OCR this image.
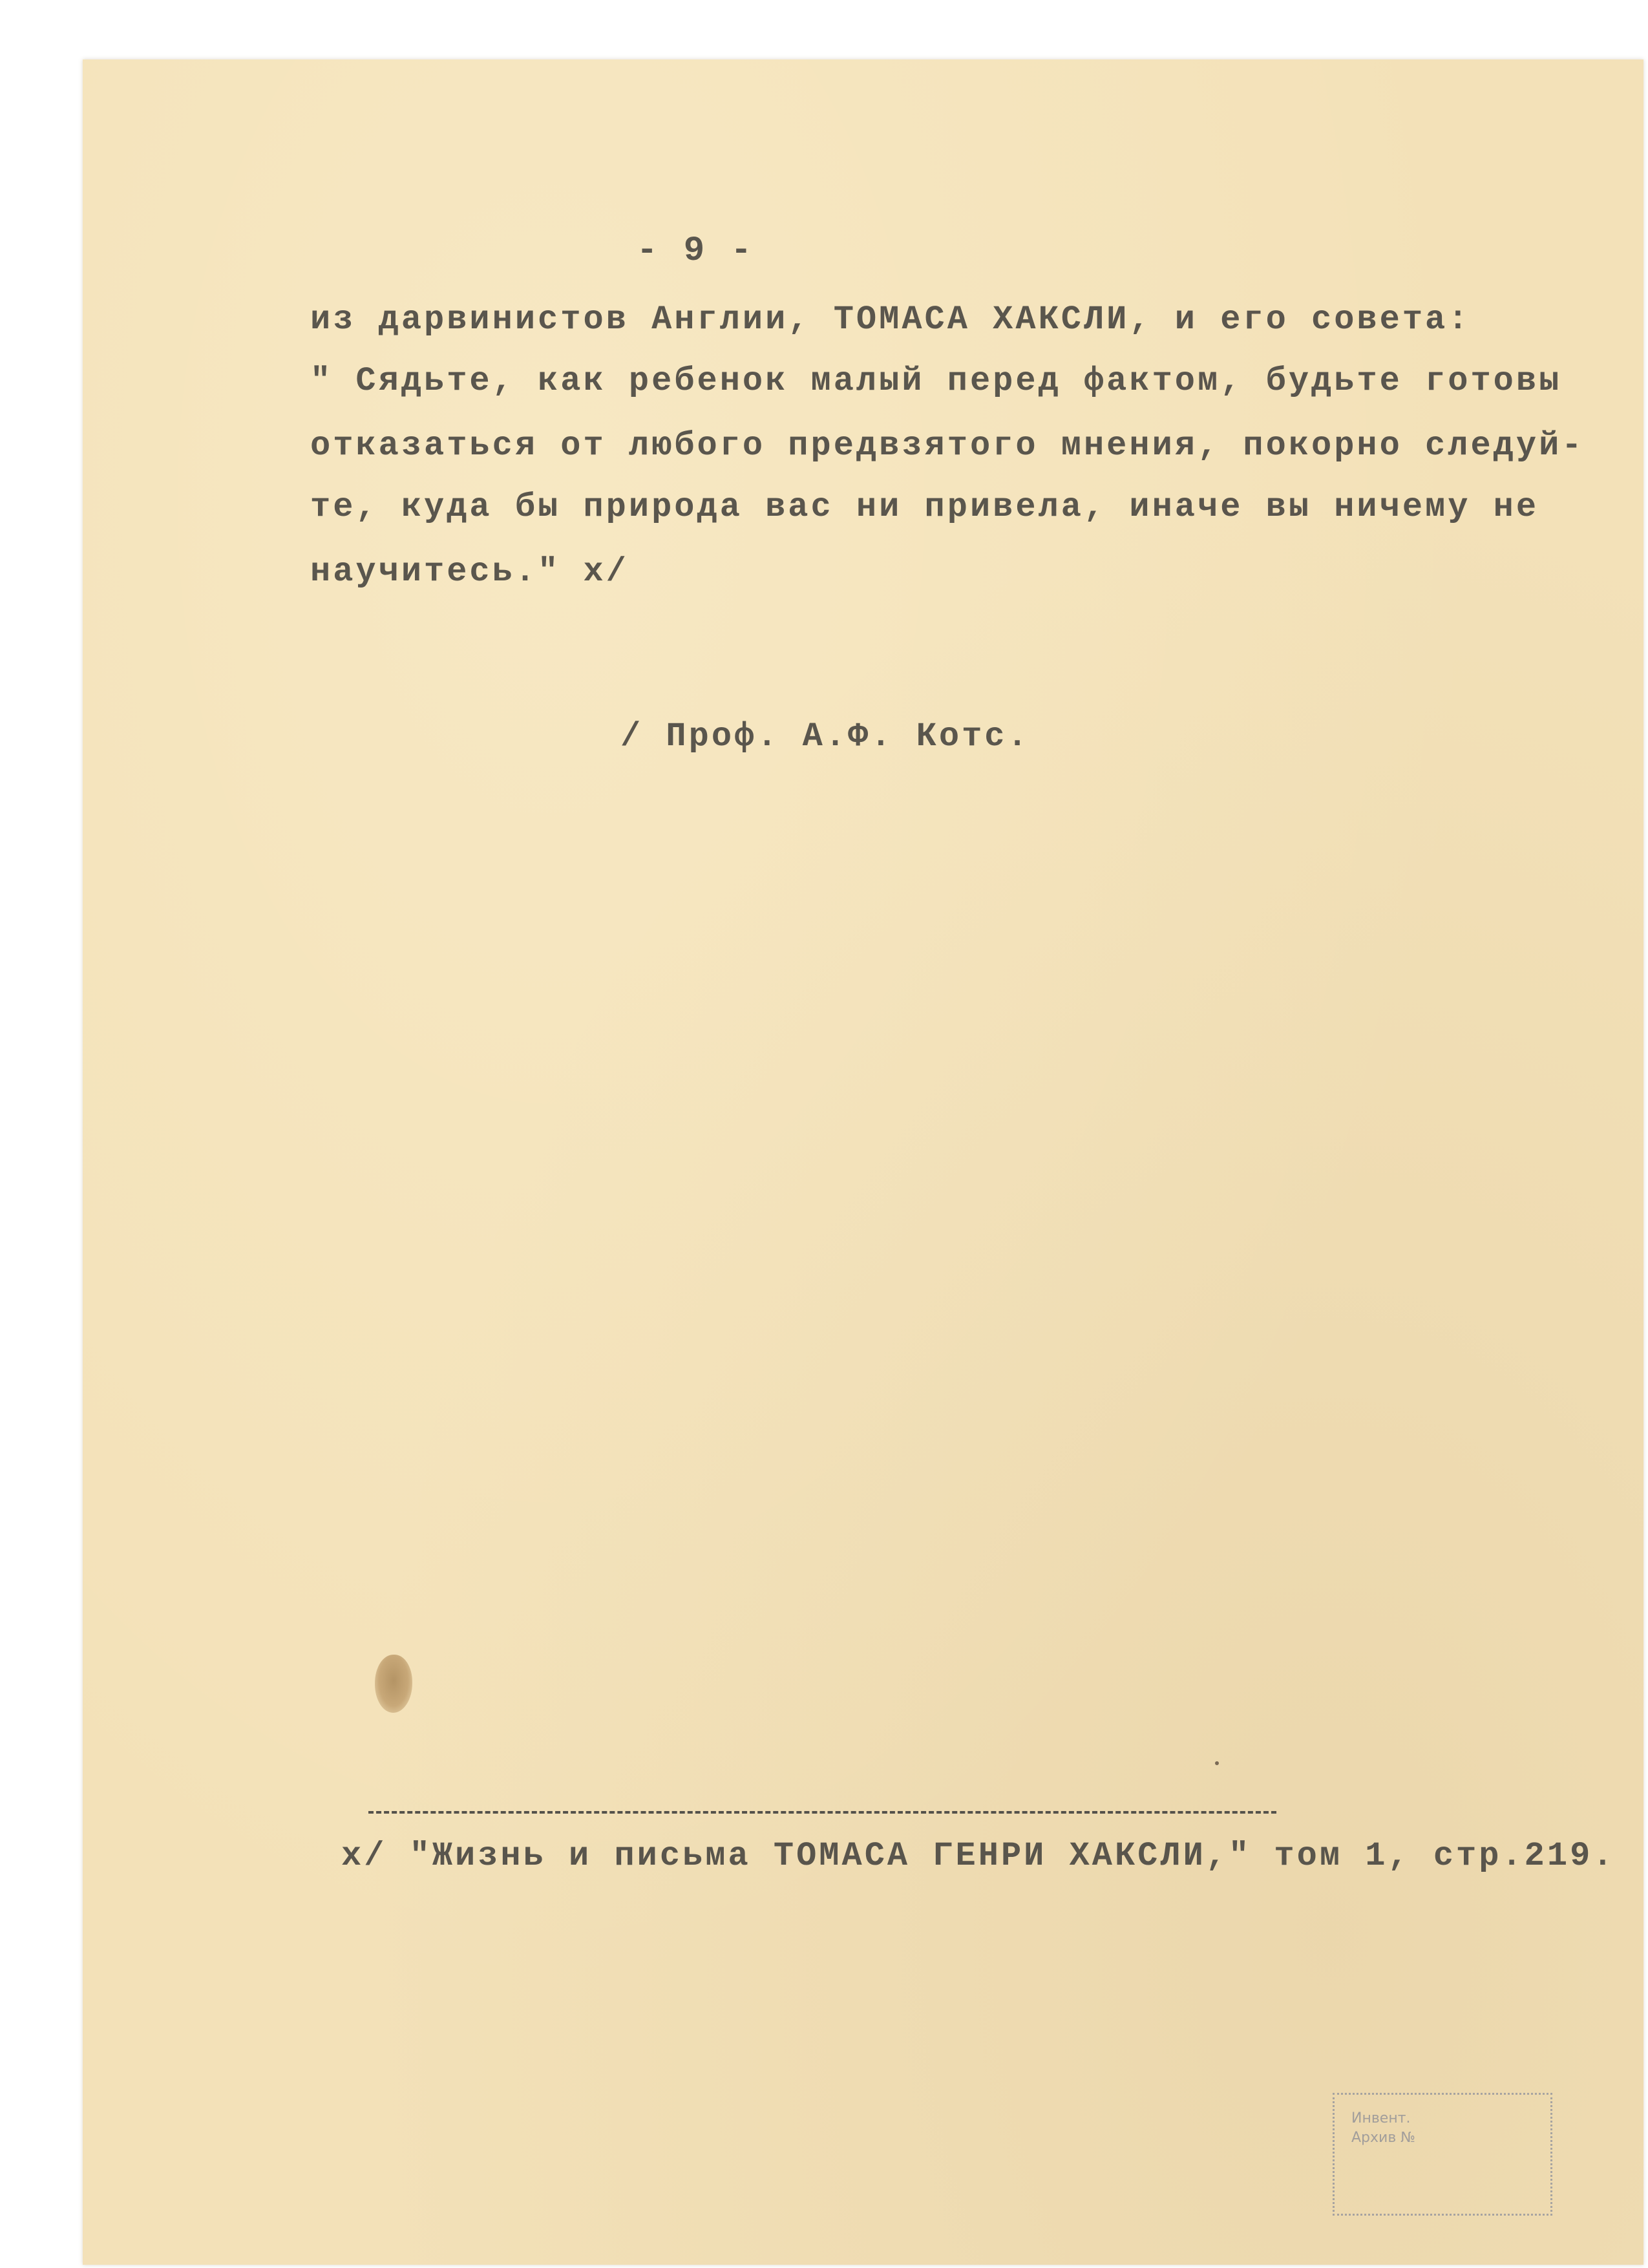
- 9 -
из дарвинистов Англии, ТОМАСА ХАКСЛИ, и его совета:
" Сядьте, как ребенок малый перед фактом, будьте готовы
отказаться от любого предвзятого мнения, покорно следуй-
те, куда бы природа вас ни привела, иначе вы ничему не
научитесь." х/
/ Проф. А.Ф. Котс.
х/ "Жизнь и письма ТОМАСА ГЕНРИ ХАКСЛИ," том 1, стр.219.
Инвент.
Архив №
